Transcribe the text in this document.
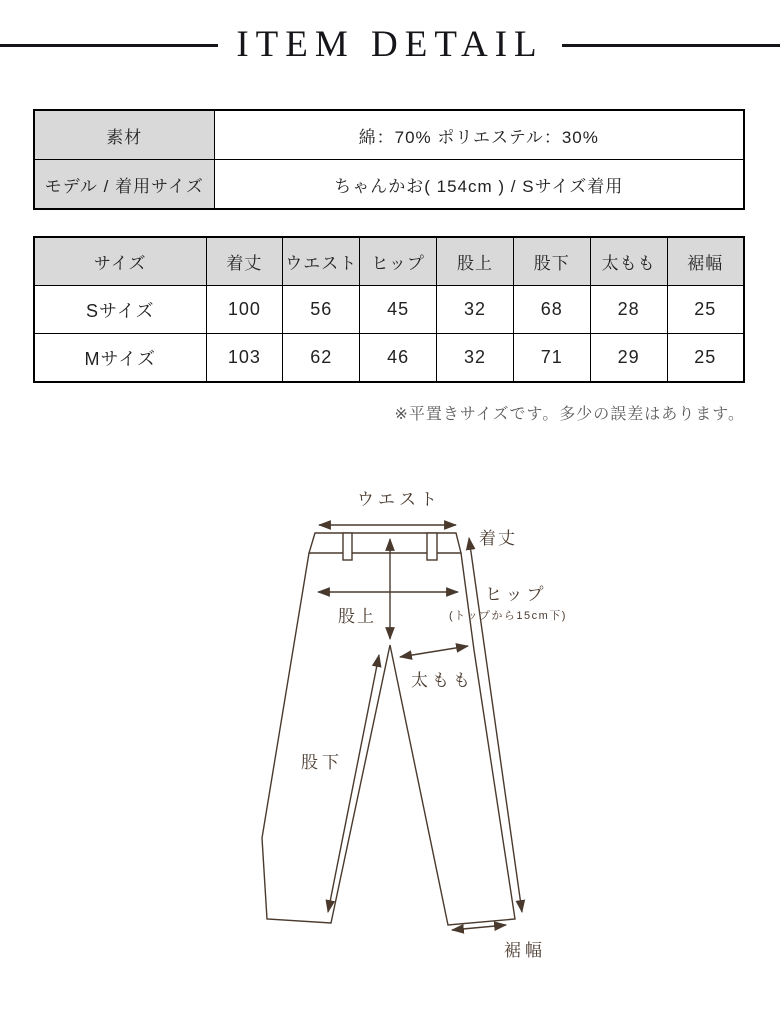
ITEM DETAIL
素材	綿：70% ポリエステル：30%
モデル / 着用サイズ	ちゃんかお( 154cm ) / Sサイズ着用
サイズ	着丈	ウエスト	ヒップ	股上	股下	太もも	裾幅
Sサイズ	100	56	45	32	68	28	25
Mサイズ	103	62	46	32	71	29	25

※平置きサイズです。多少の誤差はあります。

ウエスト
着丈
ヒップ
(トップから15cm下)
股上
太もも
股下
裾幅
